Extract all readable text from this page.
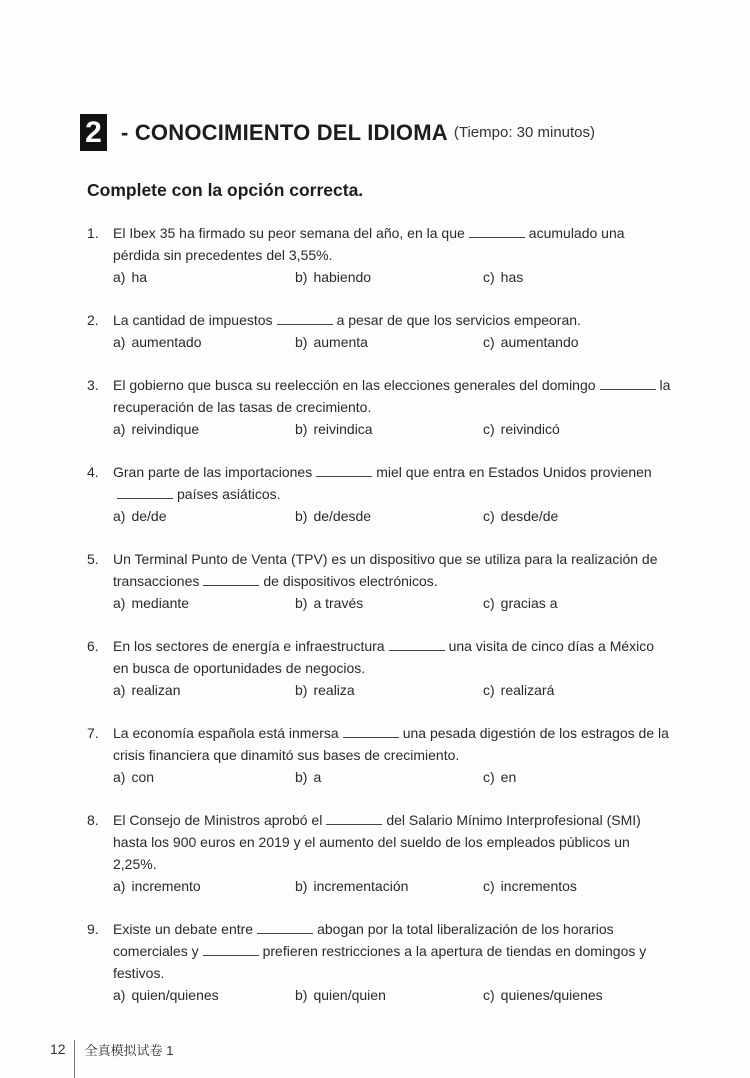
2 - CONOCIMIENTO DEL IDIOMA (Tiempo: 30 minutos)
Complete con la opción correcta.
1.	El Ibex 35 ha firmado su peor semana del año, en la que	acumulado una pérdida sin precedentes del 3,55%.
a) ha	b) habiendo	c) has
2.	La cantidad de impuestos	a pesar de que los servicios empeoran.
a) aumentado	b) aumenta	c) aumentando
3.	El gobierno que busca su reelección en las elecciones generales del domingo	la recuperación de las tasas de crecimiento.
a) reivindique	b) reivindica	c) reivindicó
4.	Gran parte de las importaciones	miel que entra en Estados Unidos provienenpaíses asiáticos.
a) de/de	b) de/desde	c) desde/de
5.	Un Terminal Punto de Venta (TPV) es un dispositivo que se utiliza para la realización de transacciones	de dispositivos electrónicos.
a) mediante	b) a través	c) gracias a
6.	En los sectores de energía e infraestructura	una visita de cinco días a México en busca de oportunidades de negocios.
a) realizan	b) realiza	c) realizará
7.	La economía española está inmersa	una pesada digestión de los estragos de la crisis financiera que dinamitó sus bases de crecimiento.
a) con	b) a	c) en
8.	El Consejo de Ministros aprobó el	del Salario Mínimo Interprofesional (SMI) hasta los 900 euros en 2019 y el aumento del sueldo de los empleados públicos un 2,25%.
a) incremento	b) incrementación	c) incrementos
9.	Existe un debate entre	abogan por la total liberalización de los horarios comerciales y	prefieren restricciones a la apertura de tiendas en domingos y festivos.
a) quien/quienes	b) quien/quien	c) quienes/quienes
12 全真模拟试卷 1
